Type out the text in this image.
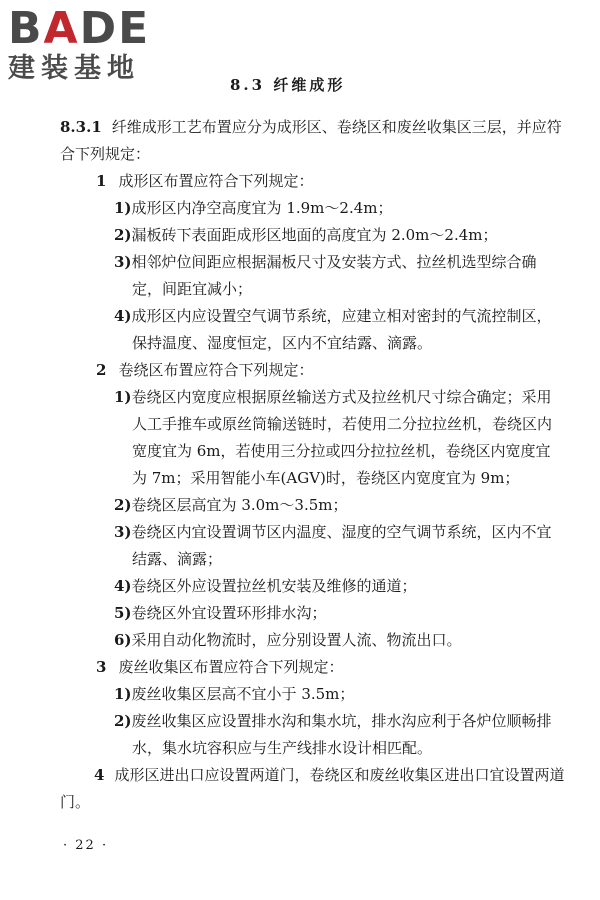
BADE
建装基地
8.3 纤维成形

8.3.1 纤维成形工艺布置应分为成形区、卷绕区和废丝收集区三层，并应符合下列规定：

1 成形区布置应符合下列规定：

1)成形区内净空高度宜为 1.9m～2.4m；

2)漏板砖下表面距成形区地面的高度宜为 2.0m～2.4m；

3)相邻炉位间距应根据漏板尺寸及安装方式、拉丝机选型综合确定，间距宜减小；

4)成形区内应设置空气调节系统，应建立相对密封的气流控制区，保持温度、湿度恒定，区内不宜结露、滴露。

2 卷绕区布置应符合下列规定：

1)卷绕区内宽度应根据原丝输送方式及拉丝机尺寸综合确定；采用人工手推车或原丝筒输送链时，若使用二分拉拉丝机，卷绕区内宽度宜为 6m，若使用三分拉或四分拉拉丝机，卷绕区内宽度宜为 7m；采用智能小车(AGV)时，卷绕区内宽度宜为 9m；

2)卷绕区层高宜为 3.0m～3.5m；

3)卷绕区内宜设置调节区内温度、湿度的空气调节系统，区内不宜结露、滴露；

4)卷绕区外应设置拉丝机安装及维修的通道；

5)卷绕区外宜设置环形排水沟；

6)采用自动化物流时，应分别设置人流、物流出口。

3 废丝收集区布置应符合下列规定：

1)废丝收集区层高不宜小于 3.5m；

2)废丝收集区应设置排水沟和集水坑，排水沟应利于各炉位顺畅排水，集水坑容积应与生产线排水设计相匹配。

4 成形区进出口应设置两道门，卷绕区和废丝收集区进出口宜设置两道门。

· 22 ·
